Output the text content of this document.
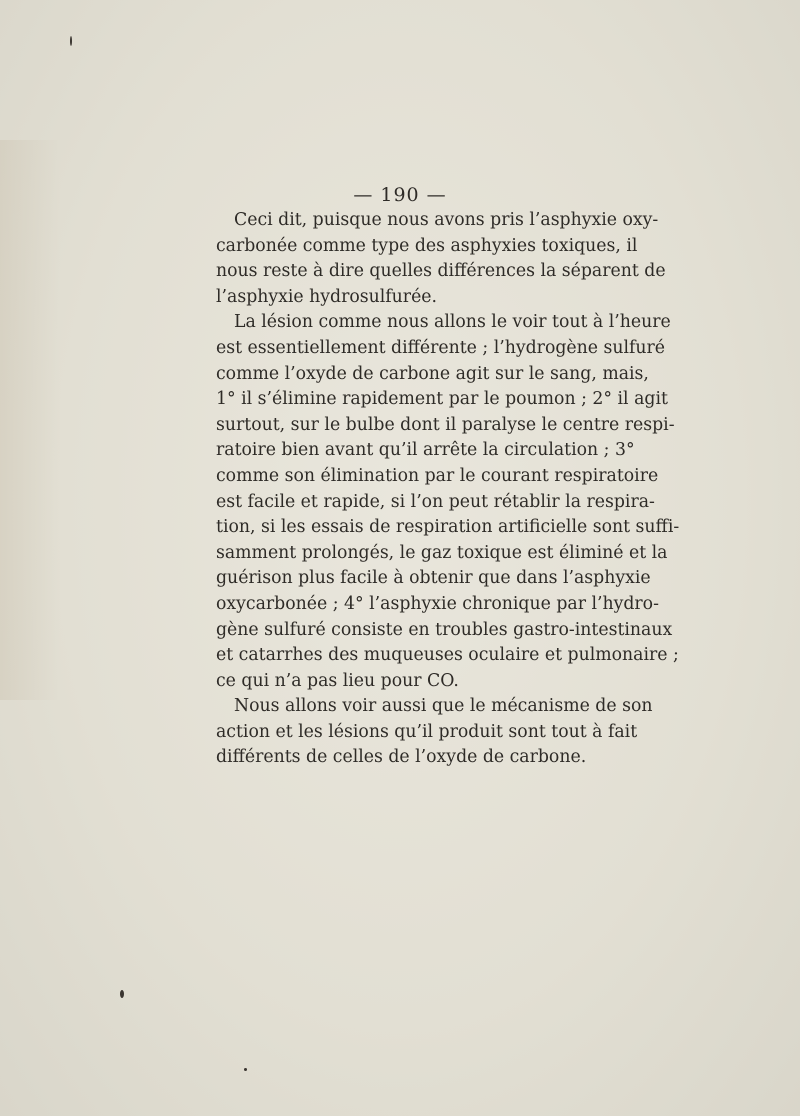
— 190 —
Ceci dit, puisque nous avons pris l’asphyxie oxy-
carbonée comme type des asphyxies toxiques, il
nous reste à dire quelles différences la séparent de
l’asphyxie hydrosulfurée.
La lésion comme nous allons le voir tout à l’heure
est essentiellement différente ; l’hydrogène sulfuré
comme l’oxyde de carbone agit sur le sang, mais,
1° il s’élimine rapidement par le poumon ; 2° il agit
surtout, sur le bulbe dont il paralyse le centre respi-
ratoire bien avant qu’il arrête la circulation ; 3°
comme son élimination par le courant respiratoire
est facile et rapide, si l’on peut rétablir la respira-
tion, si les essais de respiration artificielle sont suffi-
samment prolongés, le gaz toxique est éliminé et la
guérison plus facile à obtenir que dans l’asphyxie
oxycarbonée ; 4° l’asphyxie chronique par l’hydro-
gène sulfuré consiste en troubles gastro-intestinaux
et catarrhes des muqueuses oculaire et pulmonaire ;
ce qui n’a pas lieu pour CO.
Nous allons voir aussi que le mécanisme de son
action et les lésions qu’il produit sont tout à fait
différents de celles de l’oxyde de carbone.
